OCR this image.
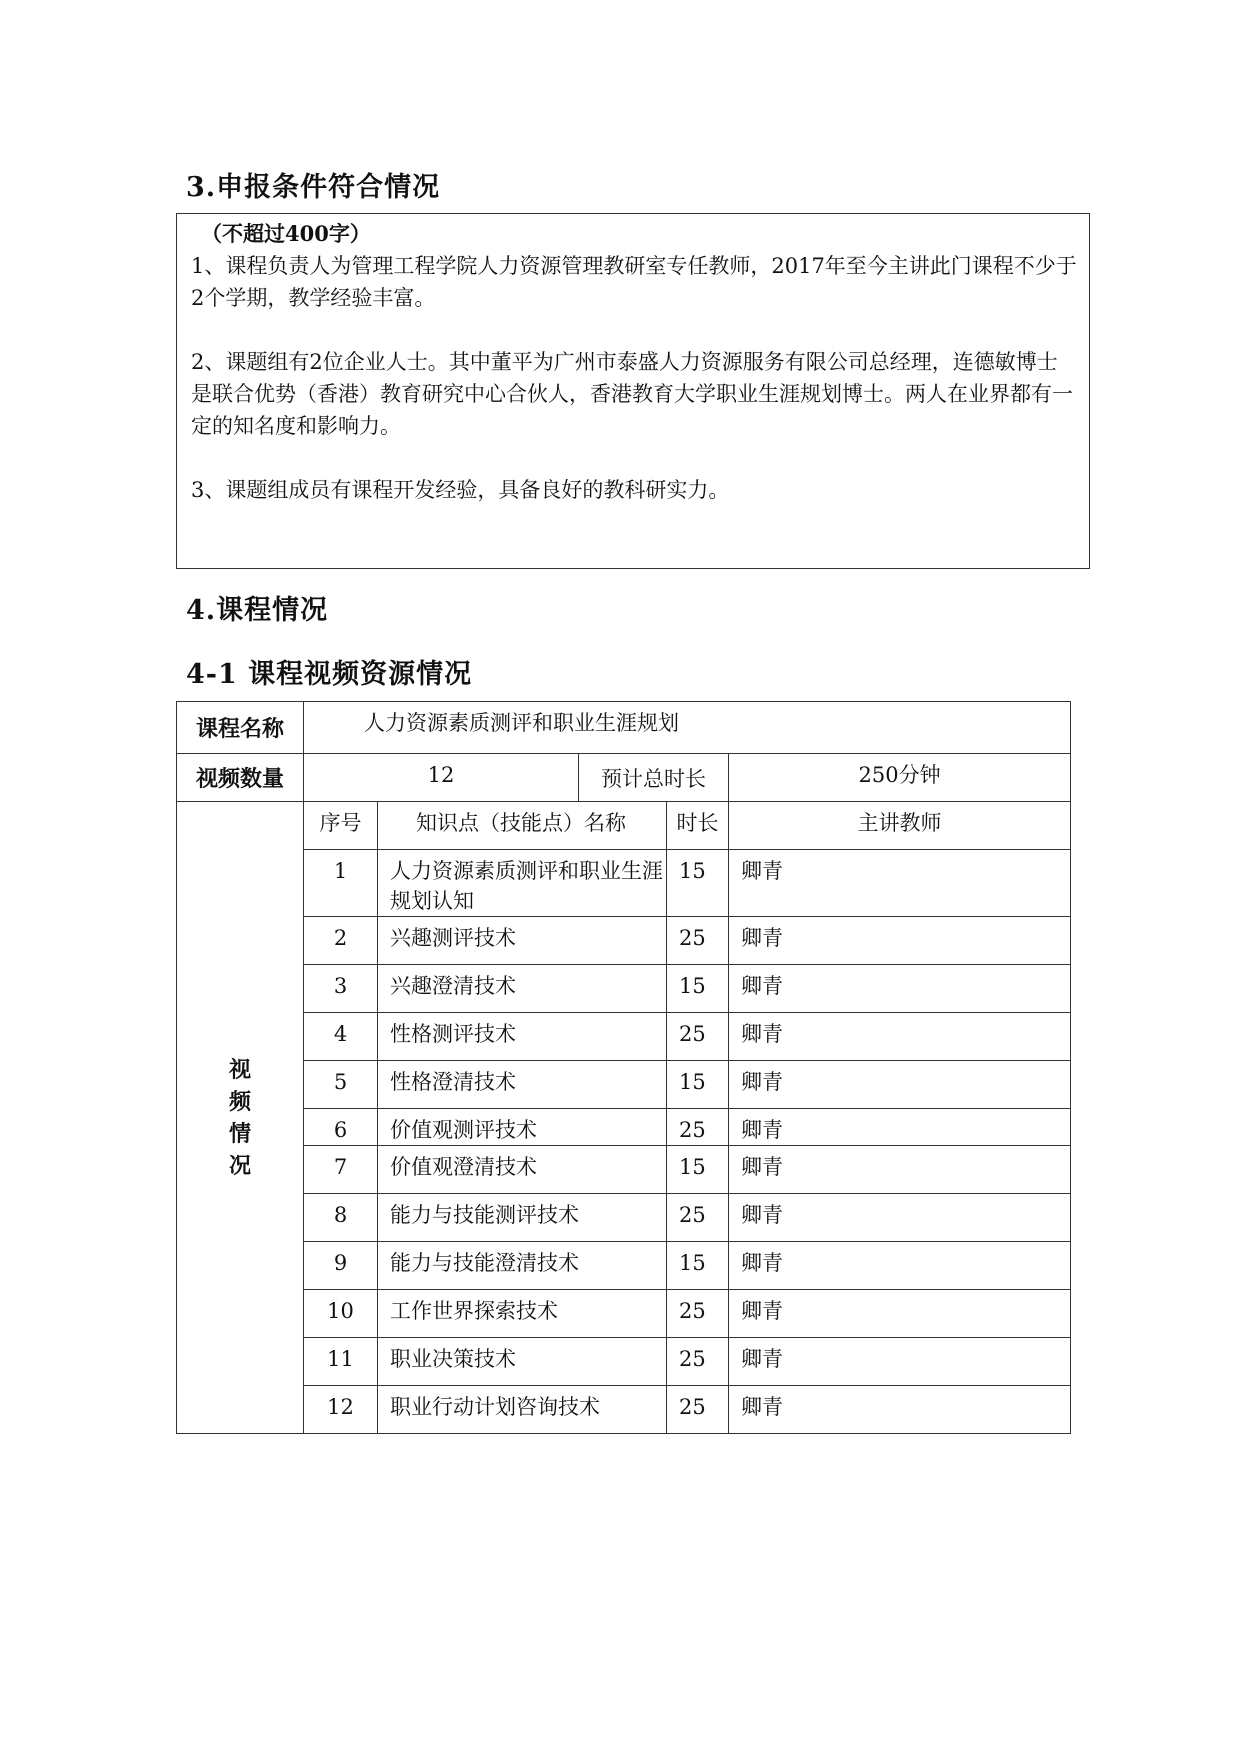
3.申报条件符合情况
（不超过400字）

1、课程负责人为管理工程学院人力资源管理教研室专任教师，2017年至今主讲此门课程不少于2个学期，教学经验丰富。

2、课题组有2位企业人士。其中董平为广州市泰盛人力资源服务有限公司总经理，连德敏博士是联合优势（香港）教育研究中心合伙人，香港教育大学职业生涯规划博士。两人在业界都有一定的知名度和影响力。

3、课题组成员有课程开发经验，具备良好的教科研实力。

4.课程情况
4-1 课程视频资源情况
课程名称	人力资源素质测评和职业生涯规划				
视频数量	12		预计总时长		250分钟

视
频
情
况	序号	知识点（技能点）名称		时长	主讲教师
	1	人力资源素质测评和职业生涯规划认知		15	卿青
	2	兴趣测评技术		25	卿青
	3	兴趣澄清技术		15	卿青
	4	性格测评技术		25	卿青
	5	性格澄清技术		15	卿青
	6	价值观测评技术		25	卿青
	7	价值观澄清技术		15	卿青
	8	能力与技能测评技术		25	卿青
	9	能力与技能澄清技术		15	卿青
	10	工作世界探索技术		25	卿青
	11	职业决策技术		25	卿青
	12	职业行动计划咨询技术		25	卿青
